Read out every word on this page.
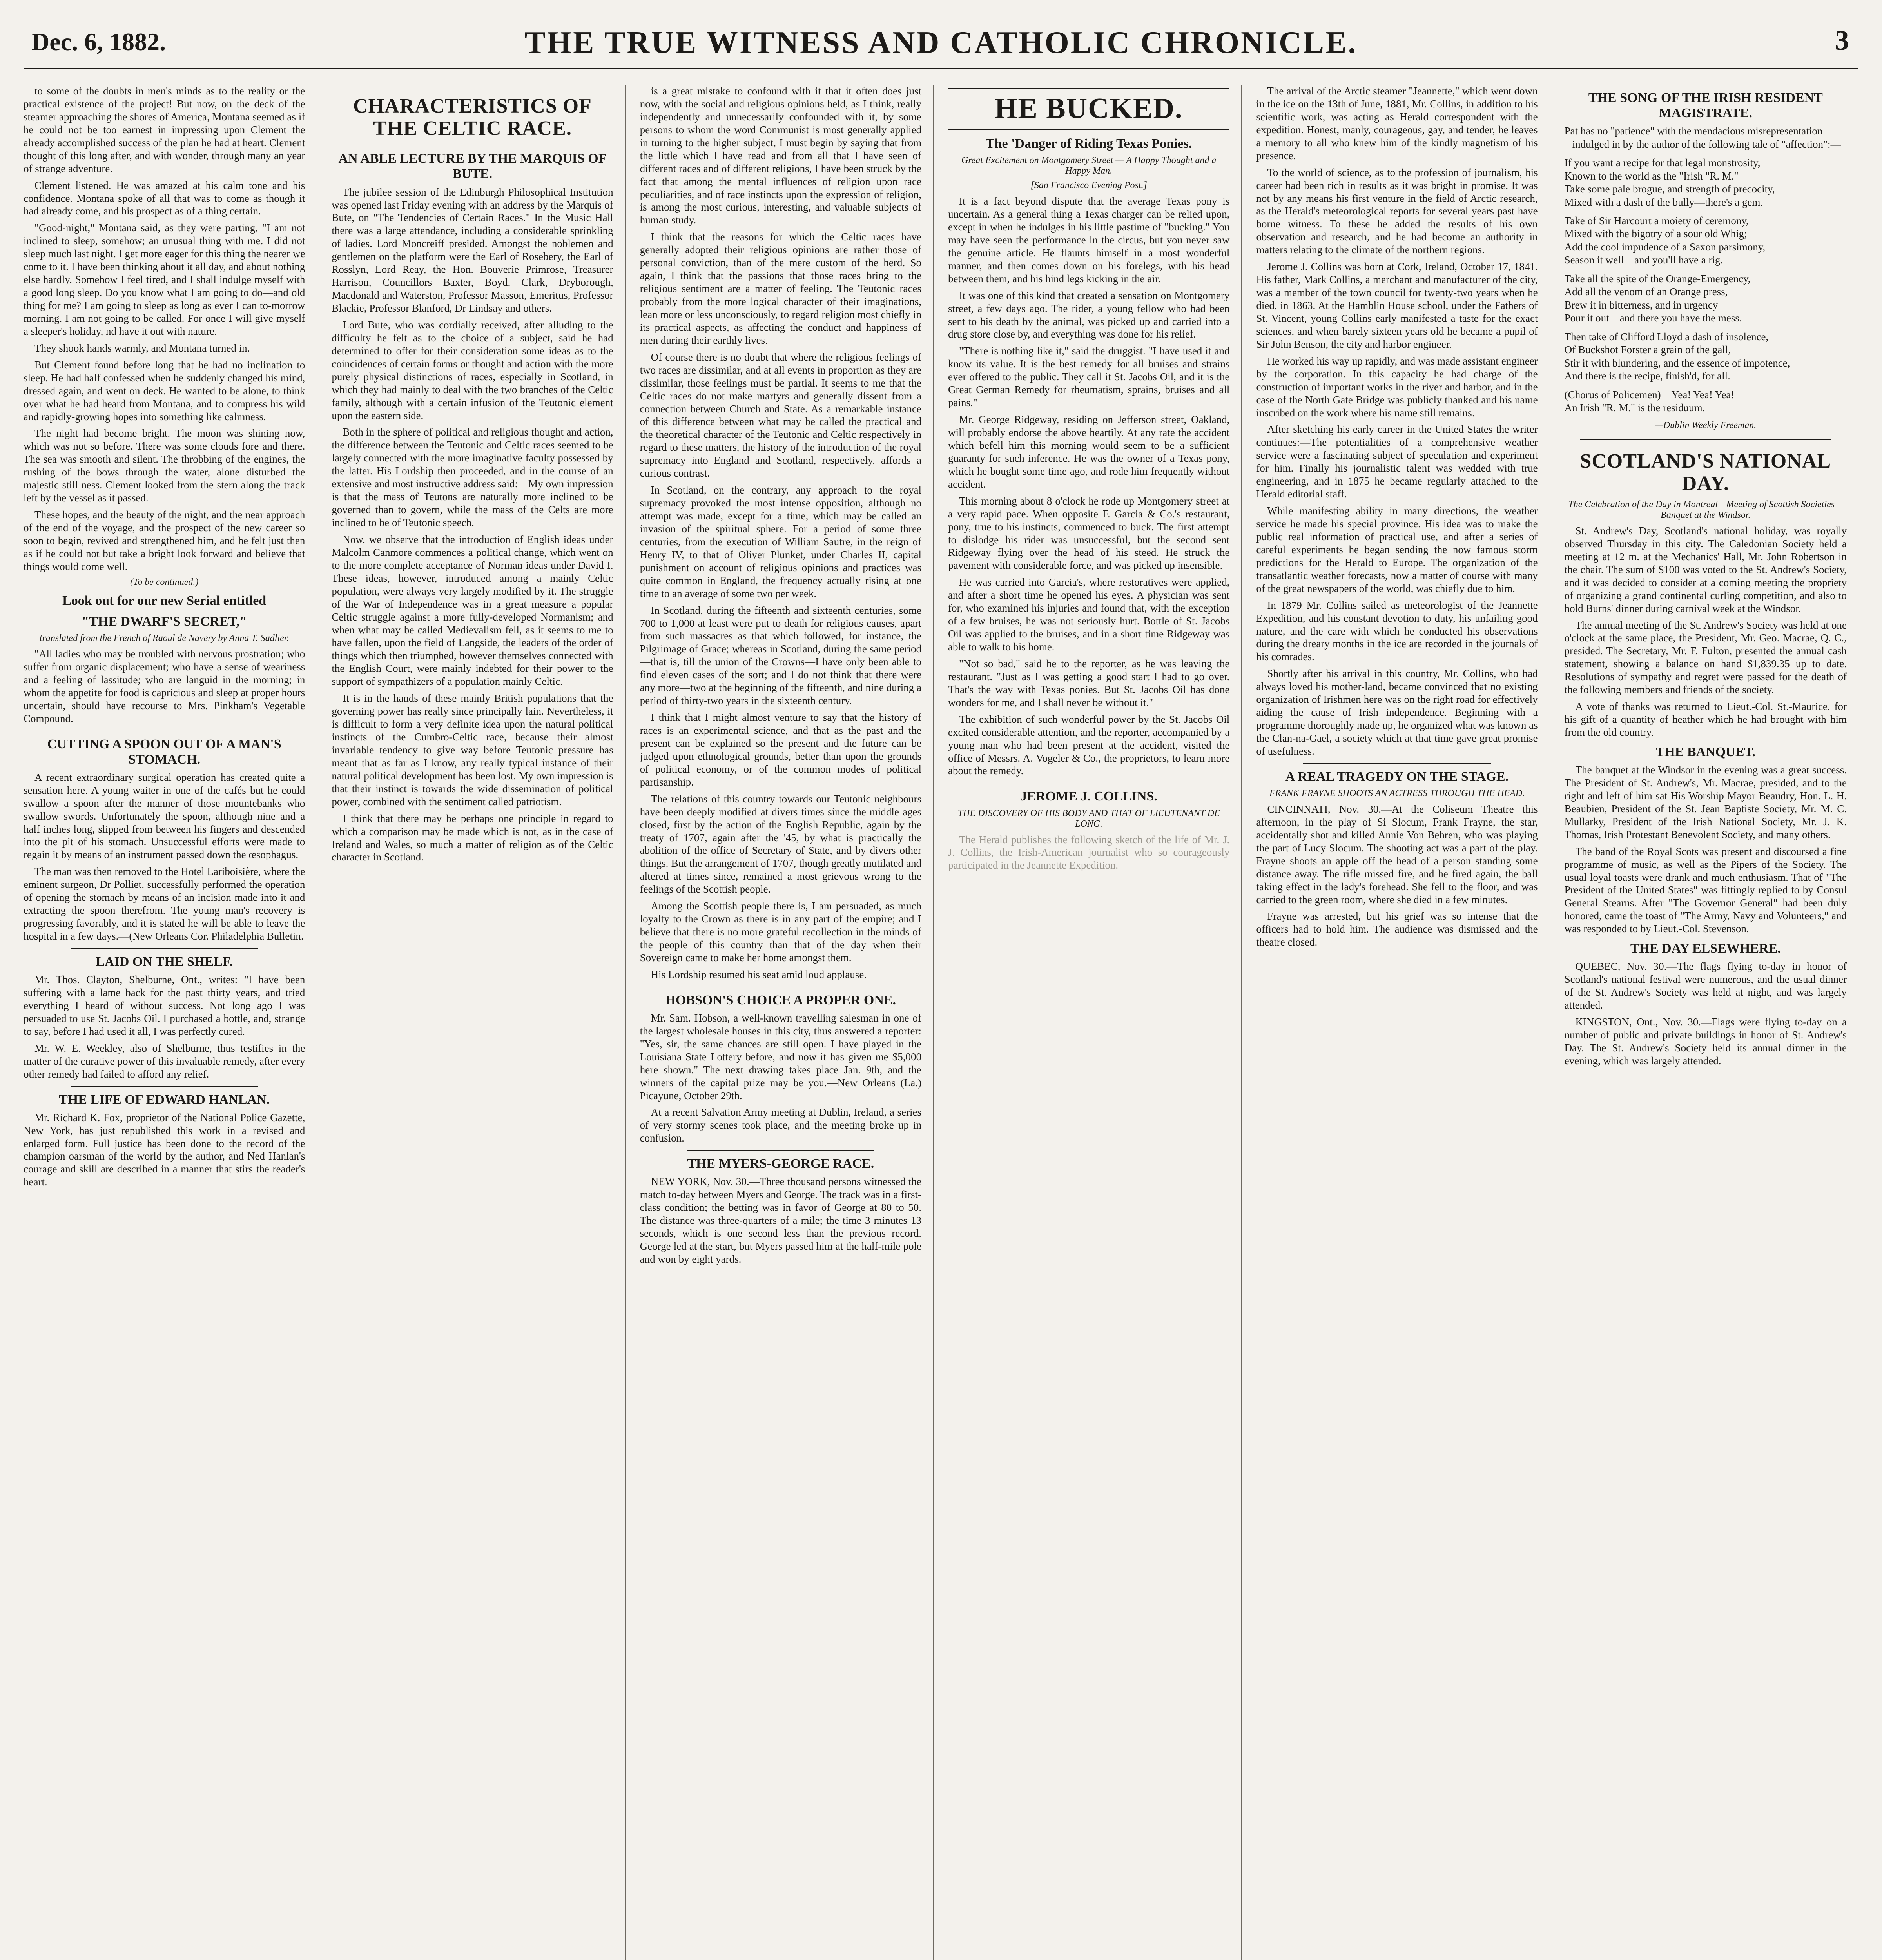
Dec. 6, 1882.	THE TRUE WITNESS AND CATHOLIC CHRONICLE.	3

to some of the doubts in men's minds as to the reality or the practical existence of the project! But now, on the deck of the steamer approaching the shores of America, Montana seemed as if he could not be too earnest in impressing upon Clement the already accomplished success of the plan he had at heart. Clement thought of this long after, and with wonder, through many an year of strange adventure.

Clement listened. He was amazed at his calm tone and his confidence. Montana spoke of all that was to come as though it had already come, and his prospect as of a thing certain.

"Good-night," Montana said, as they were parting, "I am not inclined to sleep, somehow; an unusual thing with me. I did not sleep much last night. I get more eager for this thing the nearer we come to it. I have been thinking about it all day, and about nothing else hardly. Somehow I feel tired, and I shall indulge myself with a good long sleep. Do you know what I am going to do—and old thing for me? I am going to sleep as long as ever I can to-morrow morning. I am not going to be called. For once I will give myself a sleeper's holiday, nd have it out with nature.

They shook hands warmly, and Montana turned in.

But Clement found before long that he had no inclination to sleep. He had half confessed when he suddenly changed his mind, dressed again, and went on deck. He wanted to be alone, to think over what he had heard from Montana, and to compress his wild and rapidly-growing hopes into something like calmness.

The night had become bright. The moon was shining now, which was not so before. There was some clouds fore and there. The sea was smooth and silent. The throbbing of the engines, the rushing of the bows through the water, alone disturbed the majestic still ness. Clement looked from the stern along the track left by the vessel as it passed.

These hopes, and the beauty of the night, and the near approach of the end of the voyage, and the prospect of the new career so soon to begin, revived and strengthened him, and he felt just then as if he could not but take a bright look forward and believe that things would come well.

(To be continued.)
Look out for our new Serial entitled
"THE DWARF'S SECRET,"
translated from the French of Raoul de Navery by Anna T. Sadlier.

"All ladies who may be troubled with nervous prostration; who suffer from organic displacement; who have a sense of weariness and a feeling of lassitude; who are languid in the morning; in whom the appetite for food is capricious and sleep at proper hours uncertain, should have recourse to Mrs. Pinkham's Vegetable Compound.

CUTTING A SPOON OUT OF A MAN'S STOMACH.

A recent extraordinary surgical operation has created quite a sensation here. A young waiter in one of the cafés but he could swallow a spoon after the manner of those mountebanks who swallow swords. Unfortunately the spoon, although nine and a half inches long, slipped from between his fingers and descended into the pit of his stomach. Unsuccessful efforts were made to regain it by means of an instrument passed down the œsophagus.

The man was then removed to the Hotel Lariboisière, where the eminent surgeon, Dr Polliet, successfully performed the operation of opening the stomach by means of an incision made into it and extracting the spoon therefrom. The young man's recovery is progressing favorably, and it is stated he will be able to leave the hospital in a few days.—(New Orleans Cor. Philadelphia Bulletin.

LAID ON THE SHELF.

Mr. Thos. Clayton, Shelburne, Ont., writes: "I have been suffering with a lame back for the past thirty years, and tried everything I heard of without success. Not long ago I was persuaded to use St. Jacobs Oil. I purchased a bottle, and, strange to say, before I had used it all, I was perfectly cured.

Mr. W. E. Weekley, also of Shelburne, thus testifies in the matter of the curative power of this invaluable remedy, after every other remedy had failed to afford any relief.

THE LIFE OF EDWARD HANLAN.

Mr. Richard K. Fox, proprietor of the National Police Gazette, New York, has just republished this work in a revised and enlarged form. Full justice has been done to the record of the champion oarsman of the world by the author, and Ned Hanlan's courage and skill are described in a manner that stirs the reader's heart.

CHARACTERISTICS OF THE CELTIC RACE.
AN ABLE LECTURE BY THE MARQUIS OF BUTE.

The jubilee session of the Edinburgh Philosophical Institution was opened last Friday evening with an address by the Marquis of Bute, on "The Tendencies of Certain Races." In the Music Hall there was a large attendance, including a considerable sprinkling of ladies. Lord Moncreiff presided. Amongst the noblemen and gentlemen on the platform were the Earl of Rosebery, the Earl of Rosslyn, Lord Reay, the Hon. Bouverie Primrose, Treasurer Harrison, Councillors Baxter, Boyd, Clark, Dryborough, Macdonald and Waterston, Professor Masson, Emeritus, Professor Blackie, Professor Blanford, Dr Lindsay and others.

Lord Bute, who was cordially received, after alluding to the difficulty he felt as to the choice of a subject, said he had determined to offer for their consideration some ideas as to the coincidences of certain forms or thought and action with the more purely physical distinctions of races, especially in Scotland, in which they had mainly to deal with the two branches of the Celtic family, although with a certain infusion of the Teutonic element upon the eastern side.

Both in the sphere of political and religious thought and action, the difference between the Teutonic and Celtic races seemed to be largely connected with the more imaginative faculty possessed by the latter. His Lordship then proceeded, and in the course of an extensive and most instructive address said:—My own impression is that the mass of Teutons are naturally more inclined to be governed than to govern, while the mass of the Celts are more inclined to be of Teutonic speech.

Now, we observe that the introduction of English ideas under Malcolm Canmore commences a political change, which went on to the more complete acceptance of Norman ideas under David I. These ideas, however, introduced among a mainly Celtic population, were always very largely modified by it. The struggle of the War of Independence was in a great measure a popular Celtic struggle against a more fully-developed Normanism; and when what may be called Medievalism fell, as it seems to me to have fallen, upon the field of Langside, the leaders of the order of things which then triumphed, however themselves connected with the English Court, were mainly indebted for their power to the support of sympathizers of a population mainly Celtic.

It is in the hands of these mainly British populations that the governing power has really since principally lain. Nevertheless, it is difficult to form a very definite idea upon the natural political instincts of the Cumbro-Celtic race, because their almost invariable tendency to give way before Teutonic pressure has meant that as far as I know, any really typical instance of their natural political development has been lost. My own impression is that their instinct is towards the wide dissemination of political power, combined with the sentiment called patriotism.

I think that there may be perhaps one principle in regard to which a comparison may be made which is not, as in the case of Ireland and Wales, so much a matter of religion as of the Celtic character in Scotland.

is a great mistake to confound with it that it often does just now, with the social and religious opinions held, as I think, really independently and unnecessarily confounded with it, by some persons to whom the word Communist is most generally applied in turning to the higher subject, I must begin by saying that from the little which I have read and from all that I have seen of different races and of different religions, I have been struck by the fact that among the mental influences of religion upon race peculiarities, and of race instincts upon the expression of religion, is among the most curious, interesting, and valuable subjects of human study.

I think that the reasons for which the Celtic races have generally adopted their religious opinions are rather those of personal conviction, than of the mere custom of the herd. So again, I think that the passions that those races bring to the religious sentiment are a matter of feeling. The Teutonic races probably from the more logical character of their imaginations, lean more or less unconsciously, to regard religion most chiefly in its practical aspects, as affecting the conduct and happiness of men during their earthly lives.

Of course there is no doubt that where the religious feelings of two races are dissimilar, and at all events in proportion as they are dissimilar, those feelings must be partial. It seems to me that the Celtic races do not make martyrs and generally dissent from a connection between Church and State. As a remarkable instance of this difference between what may be called the practical and the theoretical character of the Teutonic and Celtic respectively in regard to these matters, the history of the introduction of the royal supremacy into England and Scotland, respectively, affords a curious contrast.

In Scotland, on the contrary, any approach to the royal supremacy provoked the most intense opposition, although no attempt was made, except for a time, which may be called an invasion of the spiritual sphere. For a period of some three centuries, from the execution of William Sautre, in the reign of Henry IV, to that of Oliver Plunket, under Charles II, capital punishment on account of religious opinions and practices was quite common in England, the frequency actually rising at one time to an average of some two per week.

In Scotland, during the fifteenth and sixteenth centuries, some 700 to 1,000 at least were put to death for religious causes, apart from such massacres as that which followed, for instance, the Pilgrimage of Grace; whereas in Scotland, during the same period—that is, till the union of the Crowns—I have only been able to find eleven cases of the sort; and I do not think that there were any more—two at the beginning of the fifteenth, and nine during a period of thirty-two years in the sixteenth century.

I think that I might almost venture to say that the history of races is an experimental science, and that as the past and the present can be explained so the present and the future can be judged upon ethnological grounds, better than upon the grounds of political economy, or of the common modes of political partisanship.

The relations of this country towards our Teutonic neighbours have been deeply modified at divers times since the middle ages closed, first by the action of the English Republic, again by the treaty of 1707, again after the '45, by what is practically the abolition of the office of Secretary of State, and by divers other things. But the arrangement of 1707, though greatly mutilated and altered at times since, remained a most grievous wrong to the feelings of the Scottish people.

Among the Scottish people there is, I am persuaded, as much loyalty to the Crown as there is in any part of the empire; and I believe that there is no more grateful recollection in the minds of the people of this country than that of the day when their Sovereign came to make her home amongst them.

His Lordship resumed his seat amid loud applause.

HOBSON'S CHOICE A PROPER ONE.

Mr. Sam. Hobson, a well-known travelling salesman in one of the largest wholesale houses in this city, thus answered a reporter: "Yes, sir, the same chances are still open. I have played in the Louisiana State Lottery before, and now it has given me $5,000 here shown." The next drawing takes place Jan. 9th, and the winners of the capital prize may be you.—New Orleans (La.) Picayune, October 29th.

At a recent Salvation Army meeting at Dublin, Ireland, a series of very stormy scenes took place, and the meeting broke up in confusion.

THE MYERS-GEORGE RACE.

NEW YORK, Nov. 30.—Three thousand persons witnessed the match to-day between Myers and George. The track was in a first-class condition; the betting was in favor of George at 80 to 50. The distance was three-quarters of a mile; the time 3 minutes 13 seconds, which is one second less than the previous record. George led at the start, but Myers passed him at the half-mile pole and won by eight yards.

HE BUCKED.
The 'Danger of Riding Texas Ponies.
Great Excitement on Montgomery Street — A Happy Thought and a Happy Man.
[San Francisco Evening Post.]

It is a fact beyond dispute that the average Texas pony is uncertain. As a general thing a Texas charger can be relied upon, except in when he indulges in his little pastime of "bucking." You may have seen the performance in the circus, but you never saw the genuine article. He flaunts himself in a most wonderful manner, and then comes down on his forelegs, with his head between them, and his hind legs kicking in the air.

It was one of this kind that created a sensation on Montgomery street, a few days ago. The rider, a young fellow who had been sent to his death by the animal, was picked up and carried into a drug store close by, and everything was done for his relief.

"There is nothing like it," said the druggist. "I have used it and know its value. It is the best remedy for all bruises and strains ever offered to the public. They call it St. Jacobs Oil, and it is the Great German Remedy for rheumatism, sprains, bruises and all pains."

Mr. George Ridgeway, residing on Jefferson street, Oakland, will probably endorse the above heartily. At any rate the accident which befell him this morning would seem to be a sufficient guaranty for such inference. He was the owner of a Texas pony, which he bought some time ago, and rode him frequently without accident.

This morning about 8 o'clock he rode up Montgomery street at a very rapid pace. When opposite F. Garcia & Co.'s restaurant, pony, true to his instincts, commenced to buck. The first attempt to dislodge his rider was unsuccessful, but the second sent Ridgeway flying over the head of his steed. He struck the pavement with considerable force, and was picked up insensible.

He was carried into Garcia's, where restoratives were applied, and after a short time he opened his eyes. A physician was sent for, who examined his injuries and found that, with the exception of a few bruises, he was not seriously hurt. Bottle of St. Jacobs Oil was applied to the bruises, and in a short time Ridgeway was able to walk to his home.

"Not so bad," said he to the reporter, as he was leaving the restaurant. "Just as I was getting a good start I had to go over. That's the way with Texas ponies. But St. Jacobs Oil has done wonders for me, and I shall never be without it."

The exhibition of such wonderful power by the St. Jacobs Oil excited considerable attention, and the reporter, accompanied by a young man who had been present at the accident, visited the office of Messrs. A. Vogeler & Co., the proprietors, to learn more about the remedy.

JEROME J. COLLINS.
THE DISCOVERY OF HIS BODY AND THAT OF LIEUTENANT DE LONG.

The Herald publishes the following sketch of the life of Mr. J. J. Collins, the Irish-American journalist who so courageously participated in the Jeannette Expedition.

The arrival of the Arctic steamer "Jeannette," which went down in the ice on the 13th of June, 1881, Mr. Collins, in addition to his scientific work, was acting as Herald correspondent with the expedition. Honest, manly, courageous, gay, and tender, he leaves a memory to all who knew him of the kindly magnetism of his presence.

To the world of science, as to the profession of journalism, his career had been rich in results as it was bright in promise. It was not by any means his first venture in the field of Arctic research, as the Herald's meteorological reports for several years past have borne witness. To these he added the results of his own observation and research, and he had become an authority in matters relating to the climate of the northern regions.

Jerome J. Collins was born at Cork, Ireland, October 17, 1841. His father, Mark Collins, a merchant and manufacturer of the city, was a member of the town council for twenty-two years when he died, in 1863. At the Hamblin House school, under the Fathers of St. Vincent, young Collins early manifested a taste for the exact sciences, and when barely sixteen years old he became a pupil of Sir John Benson, the city and harbor engineer.

He worked his way up rapidly, and was made assistant engineer by the corporation. In this capacity he had charge of the construction of important works in the river and harbor, and in the case of the North Gate Bridge was publicly thanked and his name inscribed on the work where his name still remains.

After sketching his early career in the United States the writer continues:—The potentialities of a comprehensive weather service were a fascinating subject of speculation and experiment for him. Finally his journalistic talent was wedded with true engineering, and in 1875 he became regularly attached to the Herald editorial staff.

While manifesting ability in many directions, the weather service he made his special province. His idea was to make the public real information of practical use, and after a series of careful experiments he began sending the now famous storm predictions for the Herald to Europe. The organization of the transatlantic weather forecasts, now a matter of course with many of the great newspapers of the world, was chiefly due to him.

In 1879 Mr. Collins sailed as meteorologist of the Jeannette Expedition, and his constant devotion to duty, his unfailing good nature, and the care with which he conducted his observations during the dreary months in the ice are recorded in the journals of his comrades.

Shortly after his arrival in this country, Mr. Collins, who had always loved his mother-land, became convinced that no existing organization of Irishmen here was on the right road for effectively aiding the cause of Irish independence. Beginning with a programme thoroughly made up, he organized what was known as the Clan-na-Gael, a society which at that time gave great promise of usefulness.

A REAL TRAGEDY ON THE STAGE.
FRANK FRAYNE SHOOTS AN ACTRESS THROUGH THE HEAD.

CINCINNATI, Nov. 30.—At the Coliseum Theatre this afternoon, in the play of Si Slocum, Frank Frayne, the star, accidentally shot and killed Annie Von Behren, who was playing the part of Lucy Slocum. The shooting act was a part of the play. Frayne shoots an apple off the head of a person standing some distance away. The rifle missed fire, and he fired again, the ball taking effect in the lady's forehead. She fell to the floor, and was carried to the green room, where she died in a few minutes.

Frayne was arrested, but his grief was so intense that the officers had to hold him. The audience was dismissed and the theatre closed.

THE SONG OF THE IRISH RESIDENT MAGISTRATE.

Pat has no "patience" with the mendacious misrepresentation indulged in by the author of the following tale of "affection":—

If you want a recipe for that legal monstrosity,

Known to the world as the "Irish "R. M."

Take some pale brogue, and strength of precocity,

Mixed with a dash of the bully—there's a gem.

Take of Sir Harcourt a moiety of ceremony,

Mixed with the bigotry of a sour old Whig;

Add the cool impudence of a Saxon parsimony,

Season it well—and you'll have a rig.

Take all the spite of the Orange-Emergency,

Add all the venom of an Orange press,

Brew it in bitterness, and in urgency

Pour it out—and there you have the mess.

Then take of Clifford Lloyd a dash of insolence,

Of Buckshot Forster a grain of the gall,

Stir it with blundering, and the essence of impotence,

And there is the recipe, finish'd, for all.

(Chorus of Policemen)—Yea! Yea! Yea!

An Irish "R. M." is the residuum.

—Dublin Weekly Freeman.
SCOTLAND'S NATIONAL DAY.
The Celebration of the Day in Montreal—Meeting of Scottish Societies—Banquet at the Windsor.

St. Andrew's Day, Scotland's national holiday, was royally observed Thursday in this city. The Caledonian Society held a meeting at 12 m. at the Mechanics' Hall, Mr. John Robertson in the chair. The sum of $100 was voted to the St. Andrew's Society, and it was decided to consider at a coming meeting the propriety of organizing a grand continental curling competition, and also to hold Burns' dinner during carnival week at the Windsor.

The annual meeting of the St. Andrew's Society was held at one o'clock at the same place, the President, Mr. Geo. Macrae, Q. C., presided. The Secretary, Mr. F. Fulton, presented the annual cash statement, showing a balance on hand $1,839.35 up to date. Resolutions of sympathy and regret were passed for the death of the following members and friends of the society.

A vote of thanks was returned to Lieut.-Col. St.-Maurice, for his gift of a quantity of heather which he had brought with him from the old country.

THE BANQUET.

The banquet at the Windsor in the evening was a great success. The President of St. Andrew's, Mr. Macrae, presided, and to the right and left of him sat His Worship Mayor Beaudry, Hon. L. H. Beaubien, President of the St. Jean Baptiste Society, Mr. M. C. Mullarky, President of the Irish National Society, Mr. J. K. Thomas, Irish Protestant Benevolent Society, and many others.

The band of the Royal Scots was present and discoursed a fine programme of music, as well as the Pipers of the Society. The usual loyal toasts were drank and much enthusiasm. That of "The President of the United States" was fittingly replied to by Consul General Stearns. After "The Governor General" had been duly honored, came the toast of "The Army, Navy and Volunteers," and was responded to by Lieut.-Col. Stevenson.

THE DAY ELSEWHERE.

QUEBEC, Nov. 30.—The flags flying to-day in honor of Scotland's national festival were numerous, and the usual dinner of the St. Andrew's Society was held at night, and was largely attended.

KINGSTON, Ont., Nov. 30.—Flags were flying to-day on a number of public and private buildings in honor of St. Andrew's Day. The St. Andrew's Society held its annual dinner in the evening, which was largely attended.
